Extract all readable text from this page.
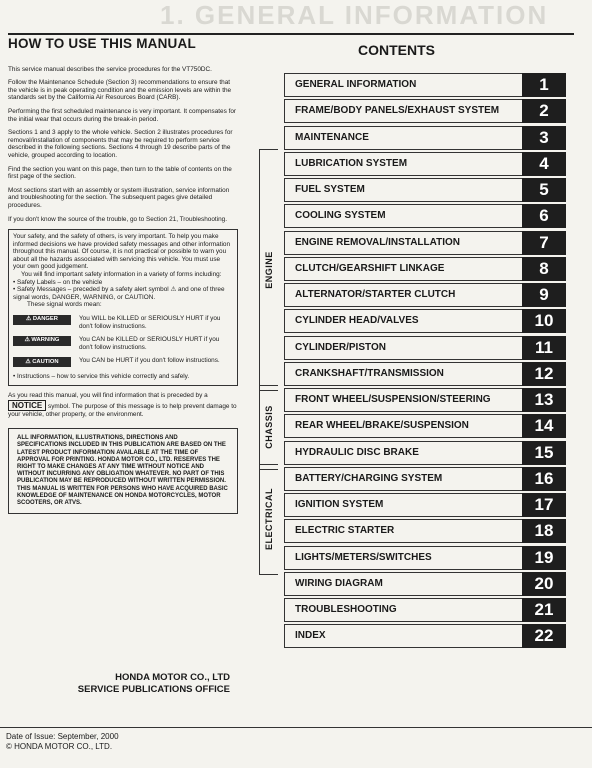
1. GENERAL INFORMATION
HOW TO USE THIS MANUAL

This service manual describes the service procedures for the VT750DC.

Follow the Maintenance Schedule (Section 3) recommendations to ensure that the vehicle is in peak operating condition and the emission levels are within the standards set by the California Air Resources Board (CARB).

Performing the first scheduled maintenance is very important. It compensates for the initial wear that occurs during the break-in period.

Sections 1 and 3 apply to the whole vehicle. Section 2 illustrates procedures for removal/installation of components that may be required to perform service described in the following sections. Sections 4 through 19 describe parts of the vehicle, grouped according to location.

Find the section you want on this page, then turn to the table of contents on the first page of the section.

Most sections start with an assembly or system illustration, service information and troubleshooting for the section. The subsequent pages give detailed procedures.

If you don't know the source of the trouble, go to Section 21, Troubleshooting.

Your safety, and the safety of others, is very important. To help you make informed decisions we have provided safety messages and other information throughout this manual. Of course, it is not practical or possible to warn you about all the hazards associated with servicing this vehicle. You must use your own good judgement.

You will find important safety information in a variety of forms including:

• Safety Labels – on the vehicle

• Safety Messages – preceded by a safety alert symbol ⚠ and one of three signal words, DANGER, WARNING, or CAUTION.

These signal words mean:

⚠ DANGER	You WILL be KILLED or SERIOUSLY HURT if you don't follow instructions.
⚠ WARNING	You CAN be KILLED or SERIOUSLY HURT if you don't follow instructions.
⚠ CAUTION	You CAN be HURT if you don't follow instructions.

• Instructions – how to service this vehicle correctly and safely.

As you read this manual, you will find information that is preceded by a NOTICE symbol. The purpose of this message is to help prevent damage to your vehicle, other property, or the environment.

ALL INFORMATION, ILLUSTRATIONS, DIRECTIONS AND SPECIFICATIONS INCLUDED IN THIS PUBLICATION ARE BASED ON THE LATEST PRODUCT INFORMATION AVAILABLE AT THE TIME OF APPROVAL FOR PRINTING. HONDA MOTOR CO., LTD. RESERVES THE RIGHT TO MAKE CHANGES AT ANY TIME WITHOUT NOTICE AND WITHOUT INCURRING ANY OBLIGATION WHATEVER. NO PART OF THIS PUBLICATION MAY BE REPRODUCED WITHOUT WRITTEN PERMISSION. THIS MANUAL IS WRITTEN FOR PERSONS WHO HAVE ACQUIRED BASIC KNOWLEDGE OF MAINTENANCE ON HONDA MOTORCYCLES, MOTOR SCOOTERS, OR ATVS.
HONDA MOTOR CO., LTD
SERVICE PUBLICATIONS OFFICE
Date of Issue: September, 2000
© HONDA MOTOR CO., LTD.
CONTENTS
GENERAL INFORMATION	1
FRAME/BODY PANELS/EXHAUST SYSTEM	2
MAINTENANCE	3
LUBRICATION SYSTEM	4
FUEL SYSTEM	5
COOLING SYSTEM	6
ENGINE REMOVAL/INSTALLATION	7
CLUTCH/GEARSHIFT LINKAGE	8
ALTERNATOR/STARTER CLUTCH	9
CYLINDER HEAD/VALVES	10
CYLINDER/PISTON	11
CRANKSHAFT/TRANSMISSION	12
FRONT WHEEL/SUSPENSION/STEERING	13
REAR WHEEL/BRAKE/SUSPENSION	14
HYDRAULIC DISC BRAKE	15
BATTERY/CHARGING SYSTEM	16
IGNITION SYSTEM	17
ELECTRIC STARTER	18
LIGHTS/METERS/SWITCHES	19
WIRING DIAGRAM	20
TROUBLESHOOTING	21
INDEX	22
ENGINE
CHASSIS
ELECTRICAL
